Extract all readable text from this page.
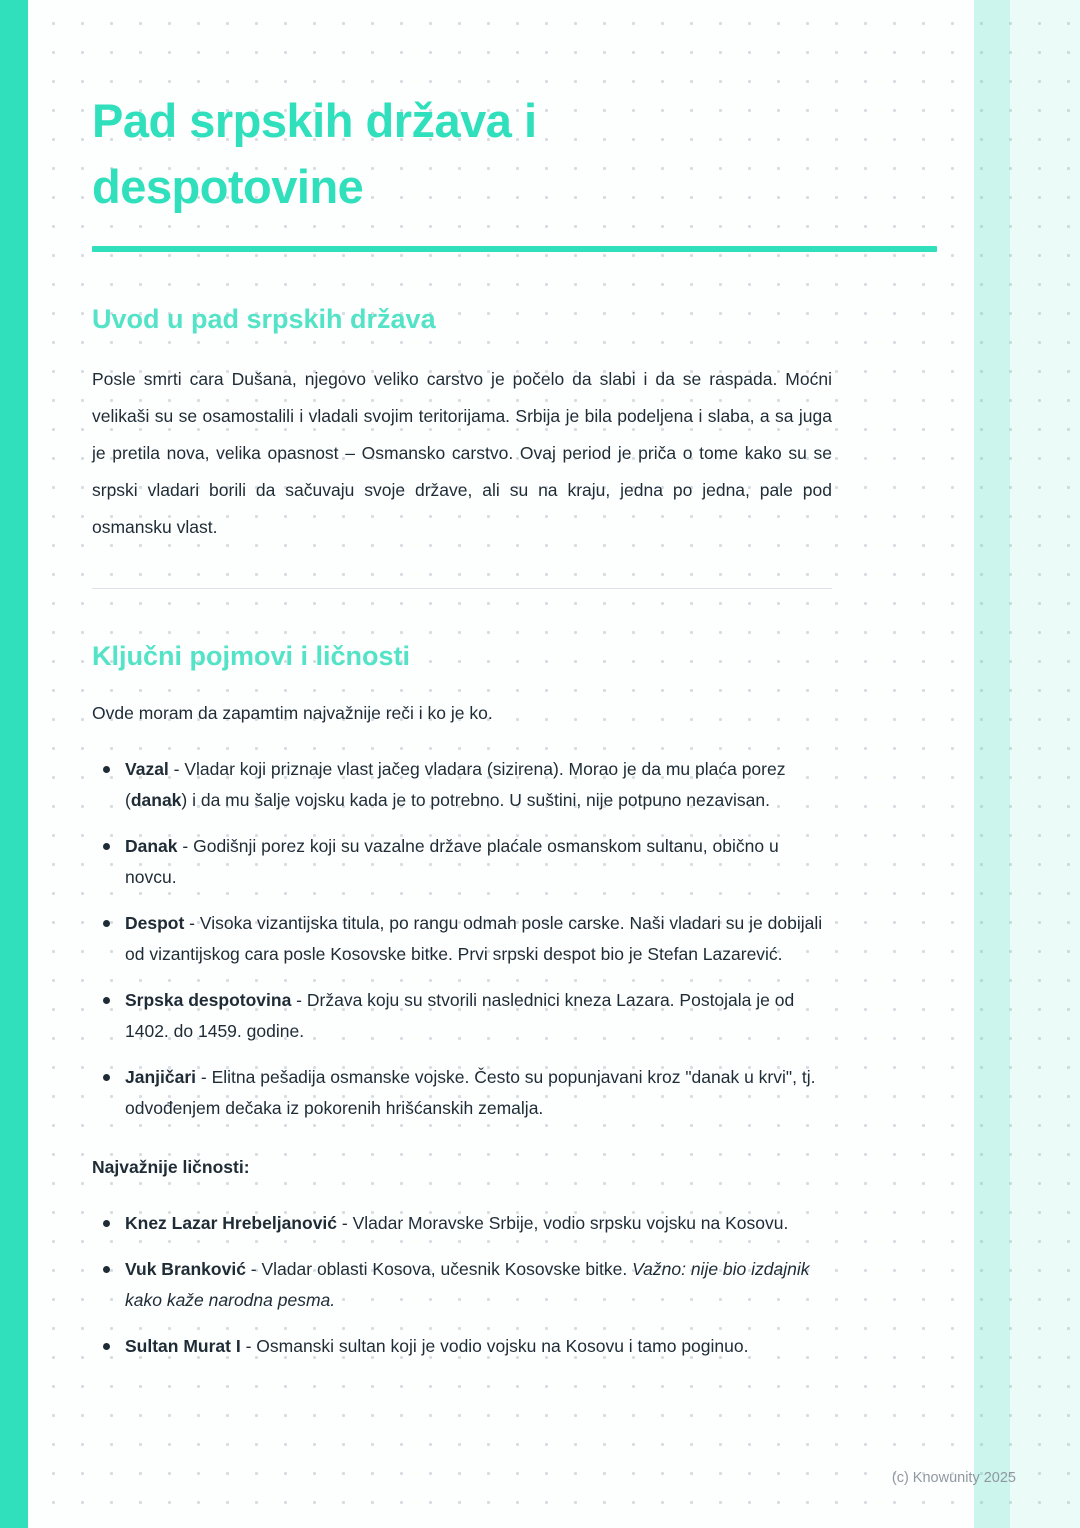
Pad srpskih država i despotovine
Uvod u pad srpskih država

Posle smrti cara Dušana, njegovo veliko carstvo je počelo da slabi i da se raspada. Moćni velikaši su se osamostalili i vladali svojim teritorijama. Srbija je bila podeljena i slaba, a sa juga je pretila nova, velika opasnost – Osmansko carstvo. Ovaj period je priča o tome kako su se srpski vladari borili da sačuvaju svoje države, ali su na kraju, jedna po jedna, pale pod osmansku vlast.

Ključni pojmovi i ličnosti

Ovde moram da zapamtim najvažnije reči i ko je ko.

Vazal - Vladar koji priznaje vlast jačeg vladara (sizirena). Morao je da mu plaća porez (danak) i da mu šalje vojsku kada je to potrebno. U suštini, nije potpuno nezavisan.
Danak - Godišnji porez koji su vazalne države plaćale osmanskom sultanu, obično u novcu.
Despot - Visoka vizantijska titula, po rangu odmah posle carske. Naši vladari su je dobijali od vizantijskog cara posle Kosovske bitke. Prvi srpski despot bio je Stefan Lazarević.
Srpska despotovina - Država koju su stvorili naslednici kneza Lazara. Postojala je od 1402. do 1459. godine.
Janjičari - Elitna pešadija osmanske vojske. Često su popunjavani kroz "danak u krvi", tj. odvođenjem dečaka iz pokorenih hrišćanskih zemalja.

Najvažnije ličnosti:

Knez Lazar Hrebeljanović - Vladar Moravske Srbije, vodio srpsku vojsku na Kosovu.
Vuk Branković - Vladar oblasti Kosova, učesnik Kosovske bitke. Važno: nije bio izdajnik kako kaže narodna pesma.
Sultan Murat I - Osmanski sultan koji je vodio vojsku na Kosovu i tamo poginuo.
(c) Knowunity 2025
